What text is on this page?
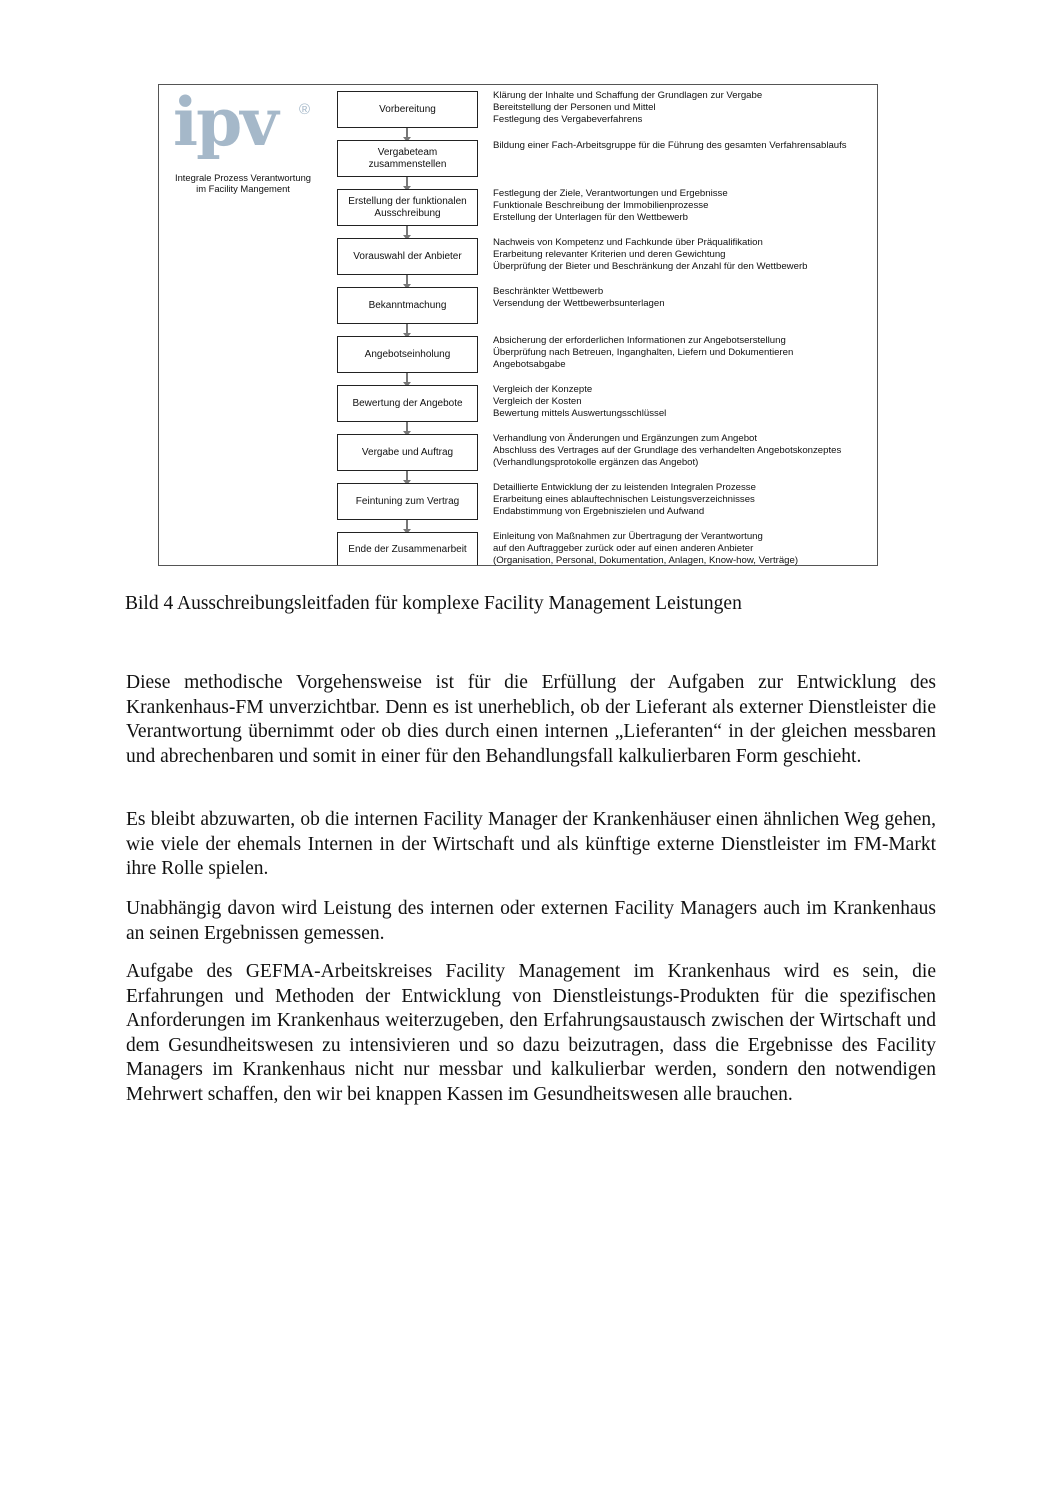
ipv ®
Integrale Prozess Verantwortung
im Facility Mangement
Vorbereitung
Vergabeteam zusammenstellen
Erstellung der funktionalen Ausschreibung
Vorauswahl der Anbieter
Bekanntmachung
Angebotseinholung
Bewertung der Angebote
Vergabe und Auftrag
Feintuning zum Vertrag
Ende der Zusammenarbeit
Klärung der Inhalte und Schaffung der Grundlagen zur Vergabe
Bereitstellung der Personen und Mittel
Festlegung des Vergabeverfahrens
Bildung einer Fach-Arbeitsgruppe für die Führung des gesamten Verfahrensablaufs
Festlegung der Ziele, Verantwortungen und Ergebnisse
Funktionale Beschreibung der Immobilienprozesse
Erstellung der Unterlagen für den Wettbewerb
Nachweis von Kompetenz und Fachkunde über Präqualifikation
Erarbeitung relevanter Kriterien und deren Gewichtung
Überprüfung der Bieter und Beschränkung der Anzahl für den Wettbewerb
Beschränkter Wettbewerb
Versendung der Wettbewerbsunterlagen
Absicherung der erforderlichen Informationen zur Angebotserstellung
Überprüfung nach Betreuen, Inganghalten, Liefern und Dokumentieren
Angebotsabgabe
Vergleich der Konzepte
Vergleich der Kosten
Bewertung mittels Auswertungsschlüssel
Verhandlung von Änderungen und Ergänzungen zum Angebot
Abschluss des Vertrages auf der Grundlage des verhandelten Angebotskonzeptes
(Verhandlungsprotokolle ergänzen das Angebot)
Detaillierte Entwicklung der zu leistenden Integralen Prozesse
Erarbeitung eines ablauftechnischen Leistungsverzeichnisses
Endabstimmung von Ergebniszielen und Aufwand
Einleitung von Maßnahmen zur Übertragung der Verantwortung
auf den Auftraggeber zurück oder auf einen anderen Anbieter
(Organisation, Personal, Dokumentation, Anlagen, Know-how, Verträge)
Bild 4 Ausschreibungsleitfaden für komplexe Facility Management Leistungen

Diese methodische Vorgehensweise ist für die Erfüllung der Aufgaben zur Entwicklung des Krankenhaus-FM unverzichtbar. Denn es ist unerheblich, ob der Lieferant als externer Dienstleister die Verantwortung übernimmt oder ob dies durch einen internen „Lieferanten“ in der gleichen messbaren und abrechenbaren und somit in einer für den Behandlungsfall kalkulierbaren Form geschieht.

Es bleibt abzuwarten, ob die internen Facility Manager der Krankenhäuser einen ähnlichen Weg gehen, wie viele der ehemals Internen in der Wirtschaft und als künftige externe Dienstleister im FM-Markt ihre Rolle spielen.

Unabhängig davon wird Leistung des internen oder externen Facility Managers auch im Krankenhaus an seinen Ergebnissen gemessen.

Aufgabe des GEFMA-Arbeitskreises Facility Management im Krankenhaus wird es sein, die Erfahrungen und Methoden der Entwicklung von Dienstleistungs-Produkten für die spezifischen Anforderungen im Krankenhaus weiterzugeben, den Erfahrungsaustausch zwischen der Wirtschaft und dem Gesundheitswesen zu intensivieren und so dazu beizutragen, dass die Ergebnisse des Facility Managers im Krankenhaus nicht nur messbar und kalkulierbar werden, sondern den notwendigen Mehrwert schaffen, den wir bei knappen Kassen im Gesundheitswesen alle brauchen.
